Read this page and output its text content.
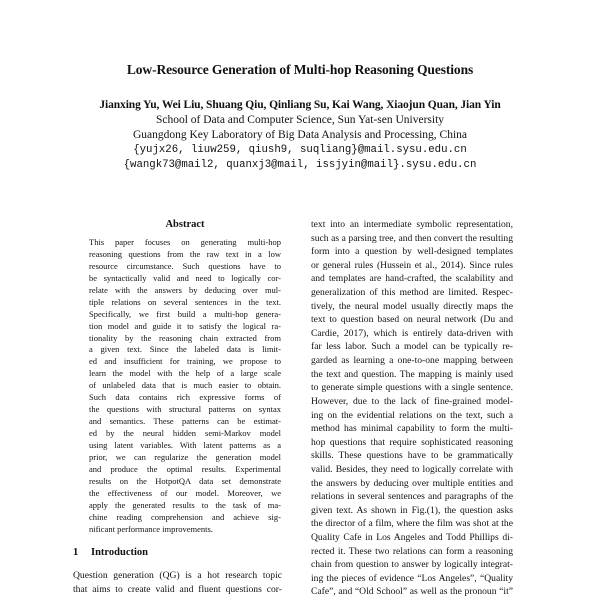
Low-Resource Generation of Multi-hop Reasoning Questions
Jianxing Yu, Wei Liu, Shuang Qiu, Qinliang Su, Kai Wang, Xiaojun Quan, Jian Yin
School of Data and Computer Science, Sun Yat-sen University
Guangdong Key Laboratory of Big Data Analysis and Processing, China
{yujx26, liuw259, qiush9, suqliang}@mail.sysu.edu.cn
{wangk73@mail2, quanxj3@mail, issjyin@mail}.sysu.edu.cn
Abstract
This paper focuses on generating multi-hop
reasoning questions from the raw text in a low
resource circumstance. Such questions have to
be syntactically valid and need to logically cor-
relate with the answers by deducing over mul-
tiple relations on several sentences in the text.
Specifically, we first build a multi-hop genera-
tion model and guide it to satisfy the logical ra-
tionality by the reasoning chain extracted from
a given text. Since the labeled data is limit-
ed and insufficient for training, we propose to
learn the model with the help of a large scale
of unlabeled data that is much easier to obtain.
Such data contains rich expressive forms of
the questions with structural patterns on syntax
and semantics. These patterns can be estimat-
ed by the neural hidden semi-Markov model
using latent variables. With latent patterns as a
prior, we can regularize the generation model
and produce the optimal results. Experimental
results on the HotpotQA data set demonstrate
the effectiveness of our model. Moreover, we
apply the generated results to the task of ma-
chine reading comprehension and achieve sig-
nificant performance improvements.
1 Introduction
Question generation (QG) is a hot research topic
that aims to create valid and fluent questions cor-
text into an intermediate symbolic representation,
such as a parsing tree, and then convert the resulting
form into a question by well-designed templates
or general rules (Hussein et al., 2014). Since rules
and templates are hand-crafted, the scalability and
generalization of this method are limited. Respec-
tively, the neural model usually directly maps the
text to question based on neural network (Du and
Cardie, 2017), which is entirely data-driven with
far less labor. Such a model can be typically re-
garded as learning a one-to-one mapping between
the text and question. The mapping is mainly used
to generate simple questions with a single sentence.
However, due to the lack of fine-grained model-
ing on the evidential relations on the text, such a
method has minimal capability to form the multi-
hop questions that require sophisticated reasoning
skills. These questions have to be grammatically
valid. Besides, they need to logically correlate with
the answers by deducing over multiple entities and
relations in several sentences and paragraphs of the
given text. As shown in Fig.(1), the question asks
the director of a film, where the film was shot at the
Quality Cafe in Los Angeles and Todd Phillips di-
rected it. These two relations can form a reasoning
chain from question to answer by logically integrat-
ing the pieces of evidence “Los Angeles”, “Quality
Cafe”, and “Old School” as well as the pronoun “it”
